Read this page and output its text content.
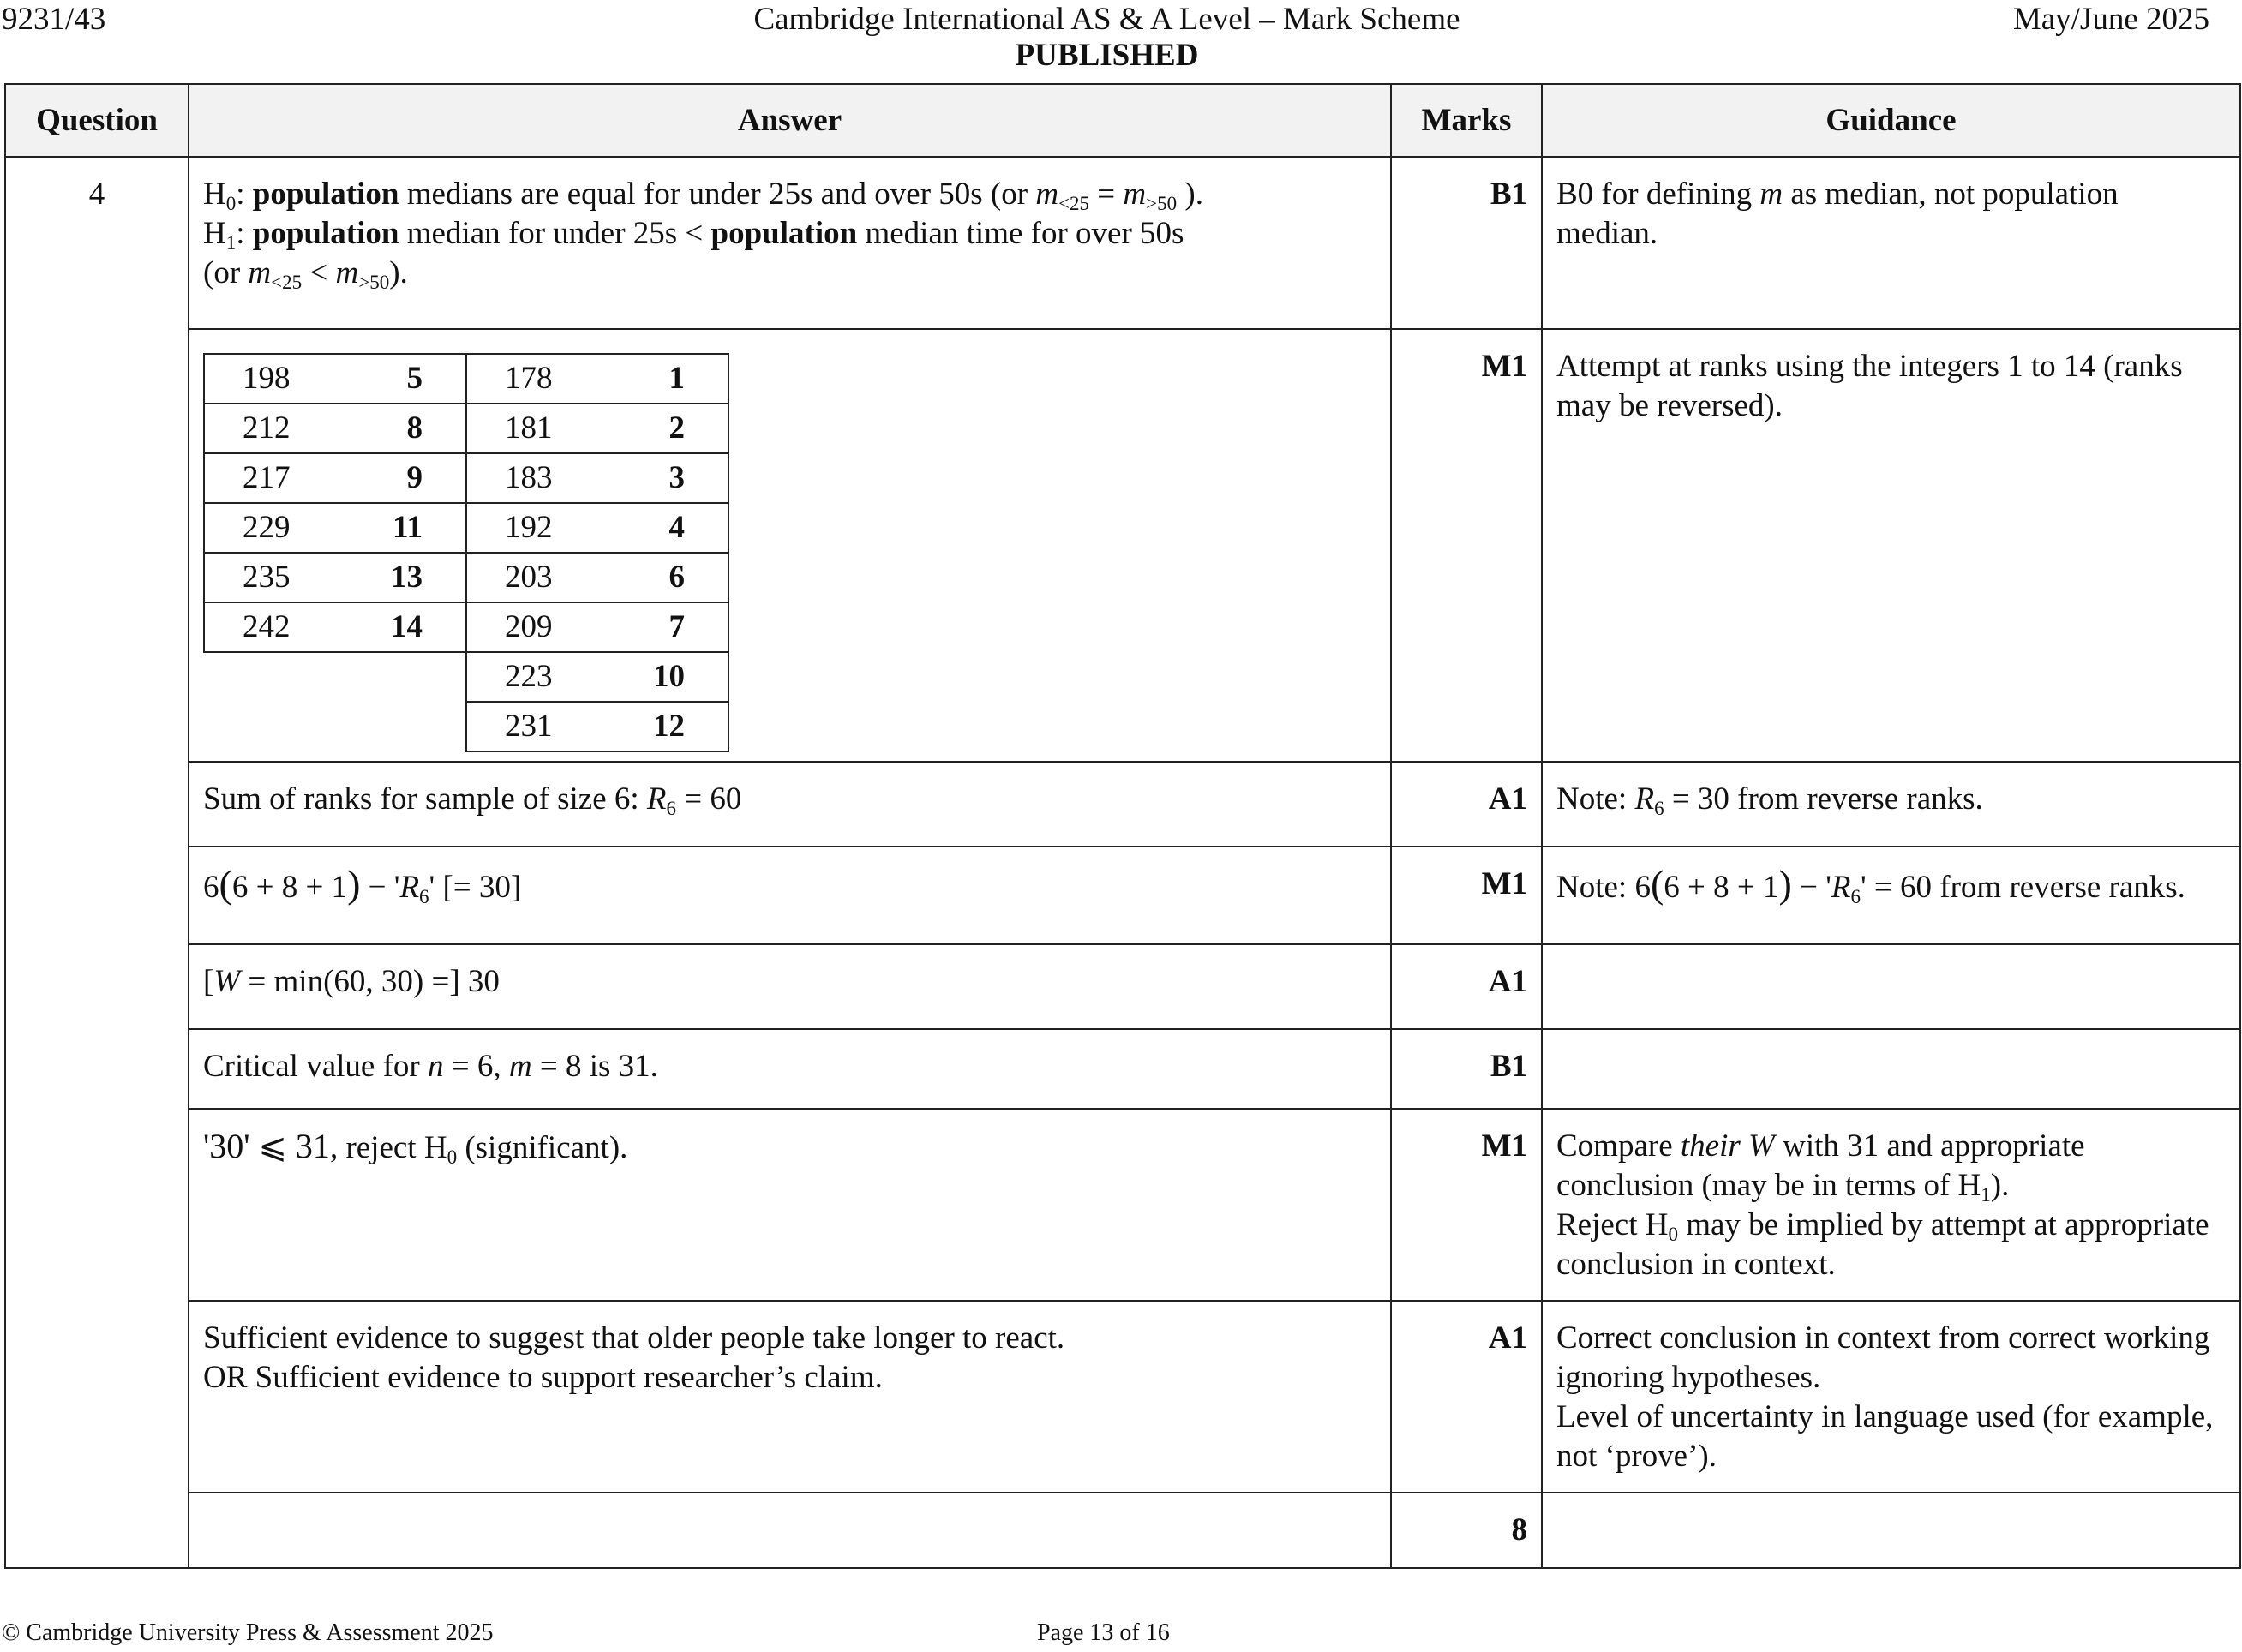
9231/43	Cambridge International AS & A Level – Mark Scheme
PUBLISHED
May/June 2025
Question	Answer	Marks	Guidance
4	$H_0$: population medians are equal for under 25s and over 50s (or $m_{<25} = m_{>50}$ ).
$H_1$: population median for under 25s < population median time for over 50s
(or $m_{<25} < m_{>50}$).
	B1	B0 for defining m as median, not population median.

198	5	178	1
212	8	181	2
217	9	183	3
229	11	192	4
235	13	203	6
242	14	209	7
		223	10
		231	12
	M1	Attempt at ranks using the integers 1 to 14 (ranks may be reversed).
Sum of ranks for sample of size 6: $R_6 = 60$	A1	Note: $R_6 = 30$ from reverse ranks.
$6(6 + 8 + 1) - 'R_6'$ [= 30]	M1	Note: $6(6 + 8 + 1) - 'R_6' = 60$ from reverse ranks.
[W = min(60, 30) =] 30	A1	
Critical value for n = 6, m = 8 is 31.	B1	
'30' ⩽ 31, reject $H_0$ (significant).	M1	Compare their W with 31 and appropriate conclusion (may be in terms of $H_1$).
Reject $H_0$ may be implied by attempt at appropriate conclusion in context.

Sufficient evidence to suggest that older people take longer to react.
OR Sufficient evidence to support researcher’s claim.
	A1	Correct conclusion in context from correct working ignoring hypotheses.
Level of uncertainty in language used (for example, not ‘prove’).

	8	
© Cambridge University Press & Assessment 2025	Page 13 of 16
